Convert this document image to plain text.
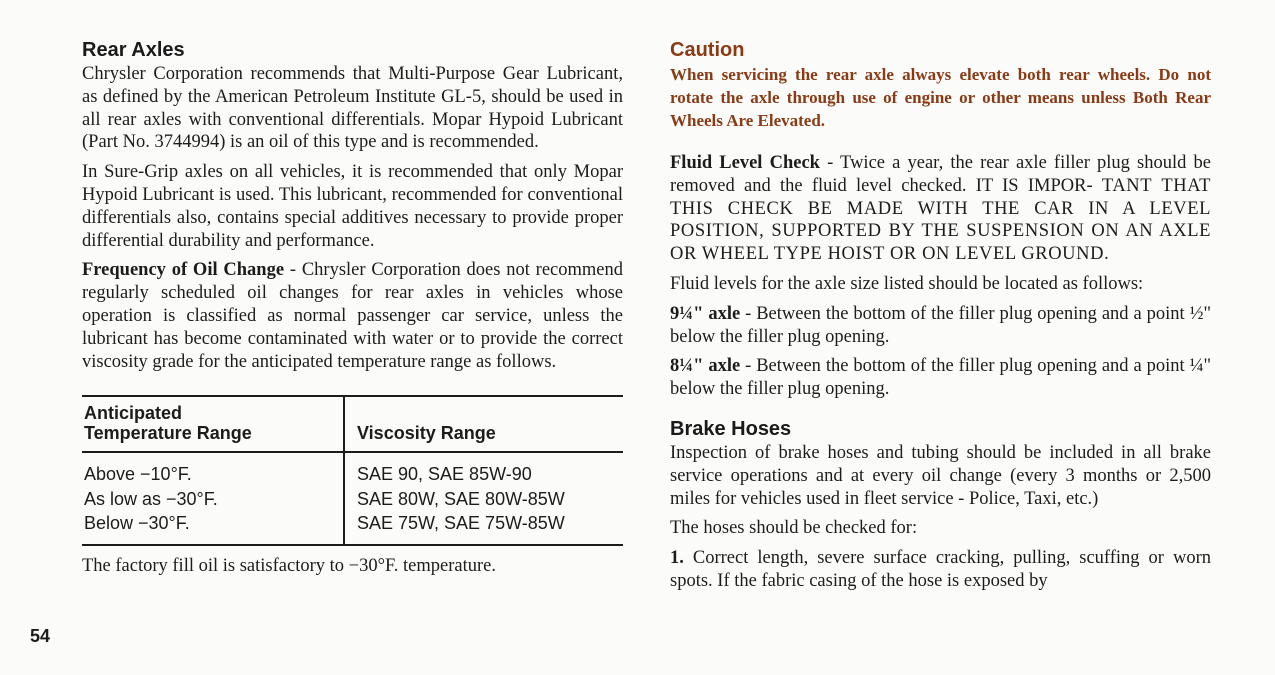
Rear Axles

Chrysler Corporation recommends that Multi-Purpose Gear Lubricant, as defined by the American Petroleum Institute GL-5, should be used in all rear axles with conventional differentials. Mopar Hypoid Lubricant (Part No. 3744994) is an oil of this type and is recommended.

In Sure-Grip axles on all vehicles, it is recommended that only Mopar Hypoid Lubricant is used. This lubricant, recommended for conventional differentials also, contains special additives necessary to provide proper differential durability and performance.

Frequency of Oil Change - Chrysler Corporation does not recommend regularly scheduled oil changes for rear axles in vehicles whose operation is classified as normal passenger car service, unless the lubricant has become contaminated with water or to provide the correct viscosity grade for the anticipated temperature range as follows.

Anticipated
Temperature Range	Viscosity Range
Above −10°F.	SAE 90, SAE 85W-90
As low as −30°F.	SAE 80W, SAE 80W-85W
Below −30°F.	SAE 75W, SAE 75W-85W

The factory fill oil is satisfactory to −30°F. temperature.

Caution

When servicing the rear axle always elevate both rear wheels. Do not rotate the axle through use of engine or other means unless Both Rear Wheels Are Elevated.

Fluid Level Check - Twice a year, the rear axle filler plug should be removed and the fluid level checked. IT IS IMPOR- TANT THAT THIS CHECK BE MADE WITH THE CAR IN A LEVEL POSITION, SUPPORTED BY THE SUSPENSION ON AN AXLE OR WHEEL TYPE HOIST OR ON LEVEL GROUND.

Fluid levels for the axle size listed should be located as follows:

9¼" axle - Between the bottom of the filler plug opening and a point ½" below the filler plug opening.

8¼" axle - Between the bottom of the filler plug opening and a point ¼" below the filler plug opening.

Brake Hoses

Inspection of brake hoses and tubing should be included in all brake service operations and at every oil change (every 3 months or 2,500 miles for vehicles used in fleet service - Police, Taxi, etc.)

The hoses should be checked for:

1. Correct length, severe surface cracking, pulling, scuffing or worn spots. If the fabric casing of the hose is exposed by

54
